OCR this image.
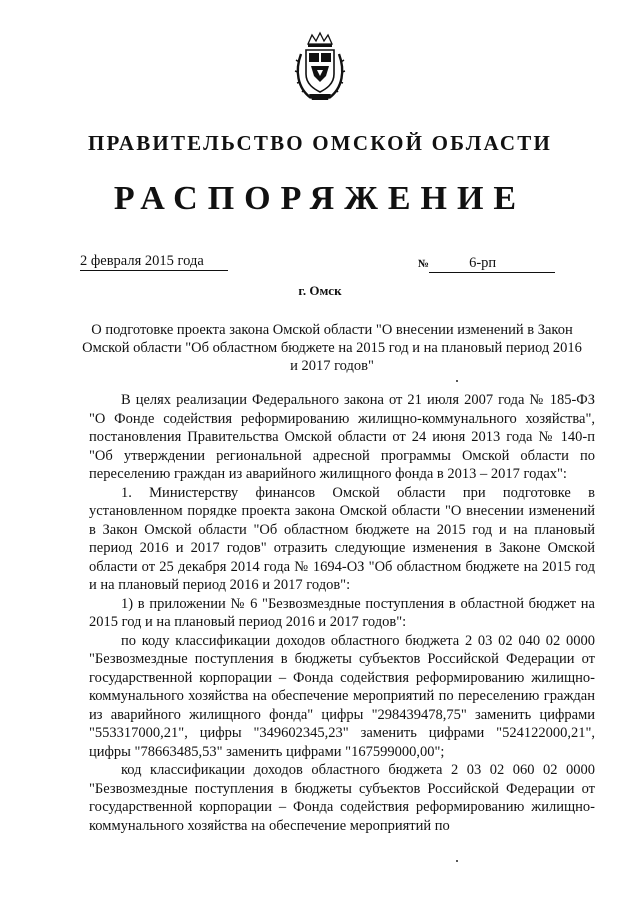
ПРАВИТЕЛЬСТВО ОМСКОЙ ОБЛАСТИ
РАСПОРЯЖЕНИЕ
2 февраля 2015 года	№	6-рп
г. Омск
О подготовке проекта закона Омской области "О внесении изменений в Закон Омской области "Об областном бюджете на 2015 год и на плановый период 2016 и 2017 годов"

В целях реализации Федерального закона от 21 июля 2007 года № 185-ФЗ "О Фонде содействия реформированию жилищно-коммунального хозяйства", постановления Правительства Омской области от 24 июня 2013 года № 140-п "Об утверждении региональной адресной программы Омской области по переселению граждан из аварийного жилищного фонда в 2013 – 2017 годах":

1. Министерству финансов Омской области при подготовке в установленном порядке проекта закона Омской области "О внесении изменений в Закон Омской области "Об областном бюджете на 2015 год и на плановый период 2016 и 2017 годов" отразить следующие изменения в Законе Омской области от 25 декабря 2014 года № 1694-ОЗ "Об областном бюджете на 2015 год и на плановый период 2016 и 2017 годов":

1) в приложении № 6 "Безвозмездные поступления в областной бюджет на 2015 год и на плановый период 2016 и 2017 годов":

по коду классификации доходов областного бюджета 2 03 02 040 02 0000 "Безвозмездные поступления в бюджеты субъектов Российской Федерации от государственной корпорации – Фонда содействия реформированию жилищно-коммунального хозяйства на обеспечение мероприятий по переселению граждан из аварийного жилищного фонда" цифры "298439478,75" заменить цифрами "553317000,21", цифры "349602345,23" заменить цифрами "524122000,21", цифры "78663485,53" заменить цифрами "167599000,00";

код классификации доходов областного бюджета 2 03 02 060 02 0000 "Безвозмездные поступления в бюджеты субъектов Российской Федерации от государственной корпорации – Фонда содействия реформированию жилищно-коммунального хозяйства на обеспечение мероприятий по
